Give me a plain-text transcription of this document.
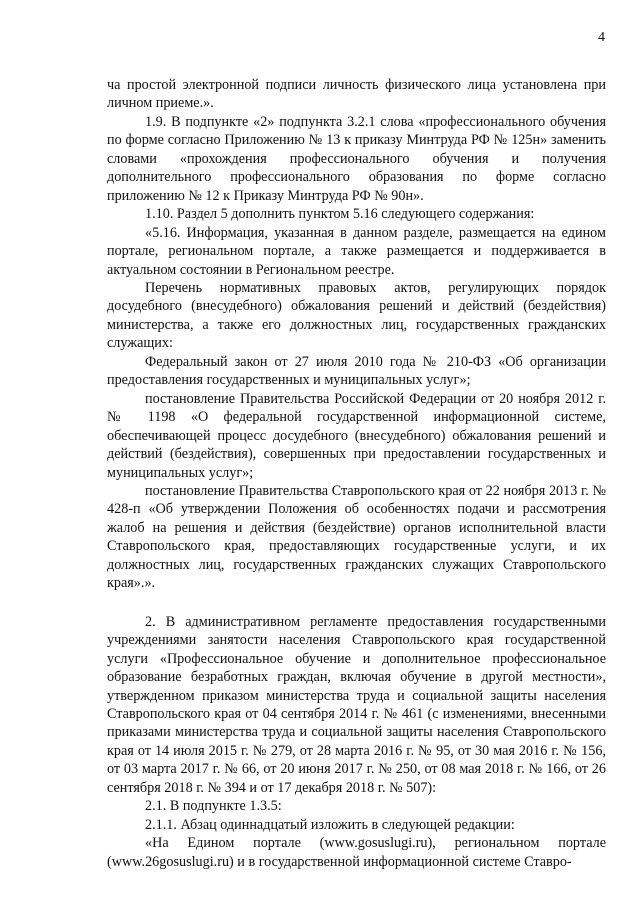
4

ча простой электронной подписи личность физического лица установлена при личном приеме.».

1.9. В подпункте «2» подпункта 3.2.1 слова «профессионального обучения по форме согласно Приложению № 13 к приказу Минтруда РФ № 125н» заменить словами «прохождения профессионального обучения и получения дополнительного профессионального образования по форме согласно приложению № 12 к Приказу Минтруда РФ № 90н».

1.10. Раздел 5 дополнить пунктом 5.16 следующего содержания:

«5.16. Информация, указанная в данном разделе, размещается на едином портале, региональном портале, а также размещается и поддерживается в актуальном состоянии в Региональном реестре.

Перечень нормативных правовых актов, регулирующих порядок досудебного (внесудебного) обжалования решений и действий (бездействия) министерства, а также его должностных лиц, государственных гражданских служащих:

Федеральный закон от 27 июля 2010 года № 210-ФЗ «Об организации предоставления государственных и муниципальных услуг»;

постановление Правительства Российской Федерации от 20 ноября 2012 г. № 1198 «О федеральной государственной информационной системе, обеспечивающей процесс досудебного (внесудебного) обжалования решений и действий (бездействия), совершенных при предоставлении государственных и муниципальных услуг»;

постановление Правительства Ставропольского края от 22 ноября 2013 г. № 428-п «Об утверждении Положения об особенностях подачи и рассмотрения жалоб на решения и действия (бездействие) органов исполнительной власти Ставропольского края, предоставляющих государственные услуги, и их должностных лиц, государственных гражданских служащих Ставропольского края».».

2. В административном регламенте предоставления государственными учреждениями занятости населения Ставропольского края государственной услуги «Профессиональное обучение и дополнительное профессиональное образование безработных граждан, включая обучение в другой местности», утвержденном приказом министерства труда и социальной защиты населения Ставропольского края от 04 сентября 2014 г. № 461 (с изменениями, внесенными приказами министерства труда и социальной защиты населения Ставропольского края от 14 июля 2015 г. № 279, от 28 марта 2016 г. № 95, от 30 мая 2016 г. № 156, от 03 марта 2017 г. № 66, от 20 июня 2017 г. № 250, от 08 мая 2018 г. № 166, от 26 сентября 2018 г. № 394 и от 17 декабря 2018 г. № 507):

2.1. В подпункте 1.3.5:

2.1.1. Абзац одиннадцатый изложить в следующей редакции:

«На Едином портале (www.gosuslugi.ru), региональном портале (www.26gosuslugi.ru) и в государственной информационной системе Ставро-
